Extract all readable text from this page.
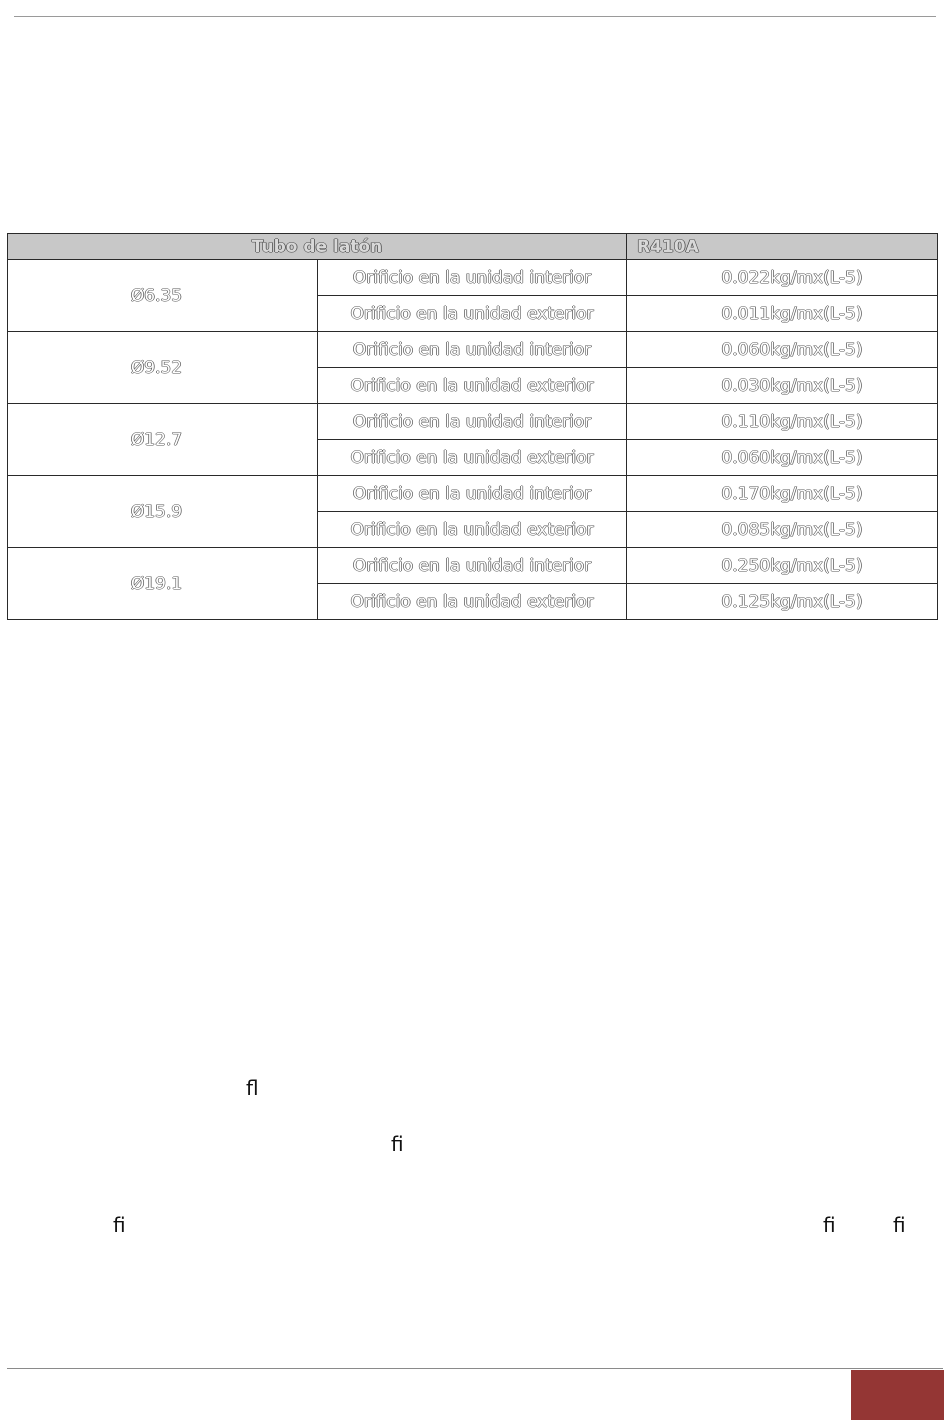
Tubo de latón		R410A
Ø6.35	Orificio en la unidad interior	0.022kg/mx(L-5)
	Orificio en la unidad exterior	0.011kg/mx(L-5)
Ø9.52	Orificio en la unidad interior	0.060kg/mx(L-5)
	Orificio en la unidad exterior	0.030kg/mx(L-5)
Ø12.7	Orificio en la unidad interior	0.110kg/mx(L-5)
	Orificio en la unidad exterior	0.060kg/mx(L-5)
Ø15.9	Orificio en la unidad interior	0.170kg/mx(L-5)
	Orificio en la unidad exterior	0.085kg/mx(L-5)
Ø19.1	Orificio en la unidad interior	0.250kg/mx(L-5)
	Orificio en la unidad exterior	0.125kg/mx(L-5)
ﬂ
ﬁ
ﬁ	ﬁ	ﬁ
